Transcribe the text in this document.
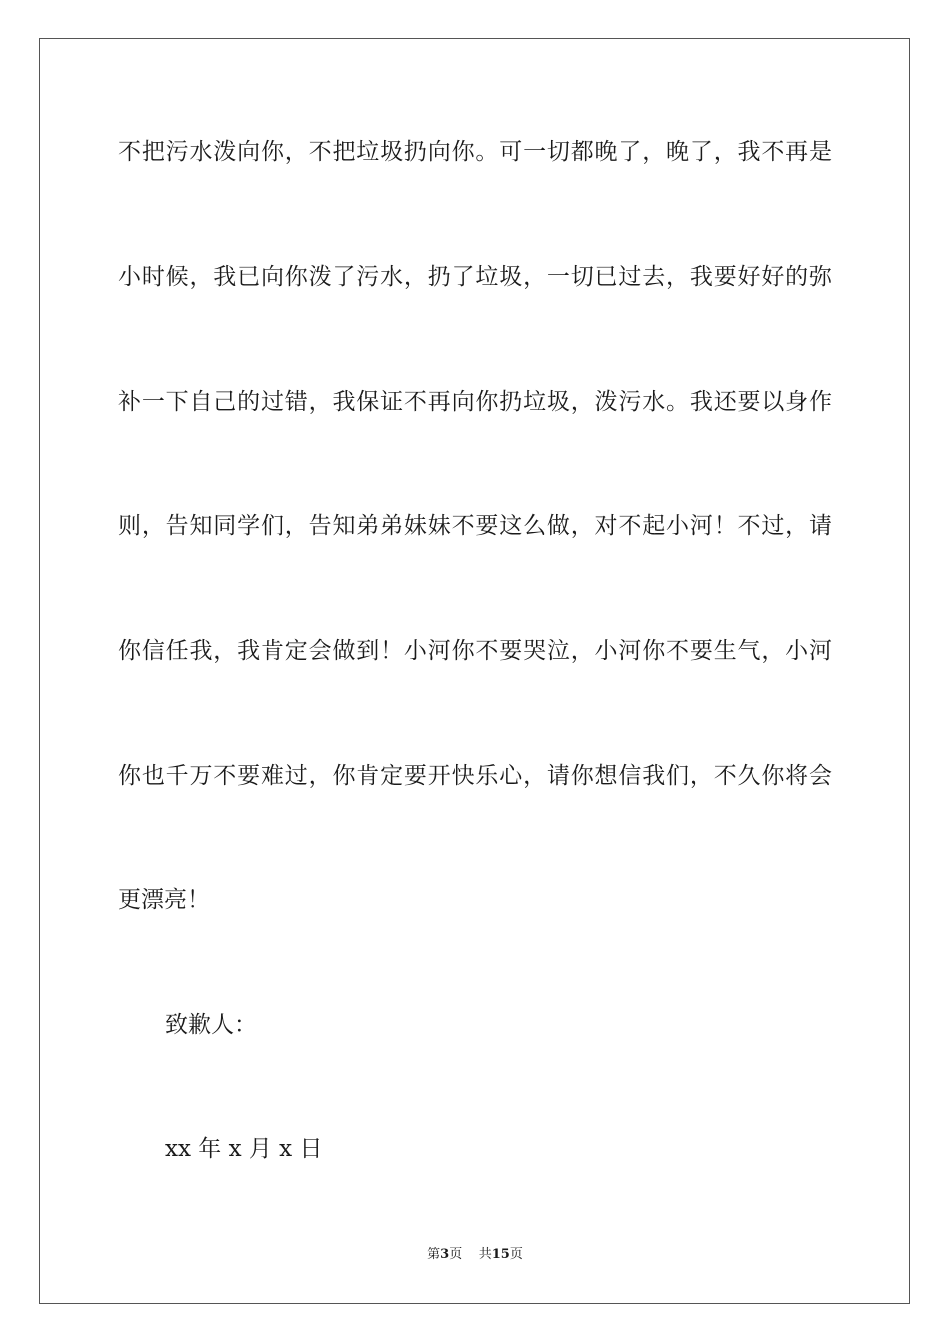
不把污水泼向你，不把垃圾扔向你。可一切都晚了，晚了，我不再是
小时候，我已向你泼了污水，扔了垃圾，一切已过去，我要好好的弥
补一下自己的过错，我保证不再向你扔垃圾，泼污水。我还要以身作
则，告知同学们，告知弟弟妹妹不要这么做，对不起小河！不过，请
你信任我，我肯定会做到！小河你不要哭泣，小河你不要生气，小河
你也千万不要难过，你肯定要开快乐心，请你想信我们，不久你将会
更漂亮！
致歉人：
xx 年 x 月 x 日
第3页 共15页
